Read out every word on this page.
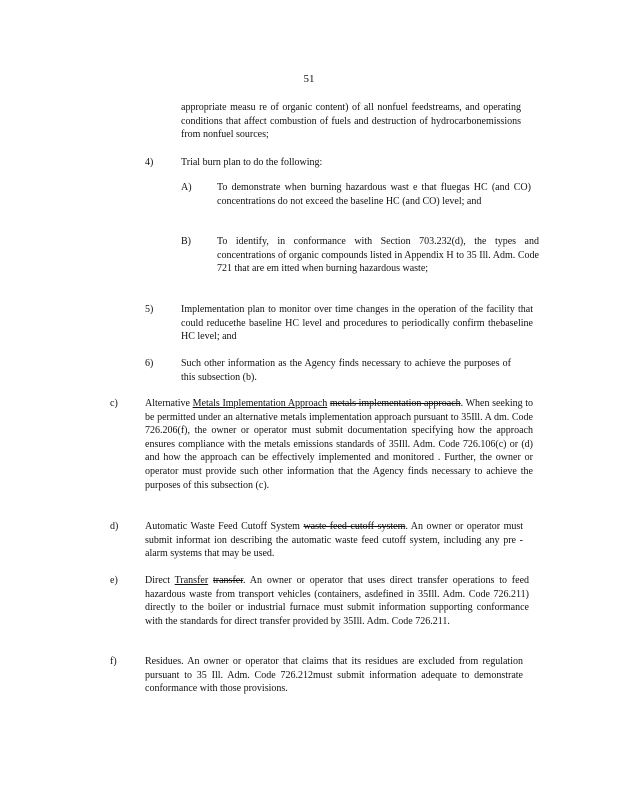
51
appropriate measu re of organic content) of all nonfuel feedstreams, and operating conditions that affect combustion of fuels and destruction of hydrocarbonemissions from nonfuel sources;
4)	Trial burn plan to do the following:
A)	To demonstrate when burning hazardous wast e that fluegas HC (and CO) concentrations do not exceed the baseline HC (and CO) level; and
B)	To identify, in conformance with Section 703.232(d), the types and concentrations of organic compounds listed in Appendix H to 35 Ill. Adm. Code 721 that are em itted when burning hazardous waste;
5)	Implementation plan to monitor over time changes in the operation of the facility that could reducethe baseline HC level and procedures to periodically confirm thebaseline HC level; and
6)	Such other information as the Agency finds necessary to achieve the purposes of this subsection (b).
c)	Alternative Metals Implementation Approach metals implementation approach. When seeking to be permitted under an alternative metals implementation approach pursuant to 35Ill. A dm. Code 726.206(f), the owner or operator must submit documentation specifying how the approach ensures compliance with the metals emissions standards of 35Ill. Adm. Code 726.106(c) or (d) and how the approach can be effectively implemented and monitored . Further, the owner or operator must provide such other information that the Agency finds necessary to achieve the purposes of this subsection (c).
d)	Automatic Waste Feed Cutoff System waste feed cutoff system. An owner or operator must submit informat ion describing the automatic waste feed cutoff system, including any pre -alarm systems that may be used.
e)	Direct Transfer transfer. An owner or operator that uses direct transfer operations to feed hazardous waste from transport vehicles (containers, asdefined in 35Ill. Adm. Code 726.211) directly to the boiler or industrial furnace must submit information supporting conformance with the standards for direct transfer provided by 35Ill. Adm. Code 726.211.
f)	Residues. An owner or operator that claims that its residues are excluded from regulation pursuant to 35 Ill. Adm. Code 726.212must submit information adequate to demonstrate conformance with those provisions.
